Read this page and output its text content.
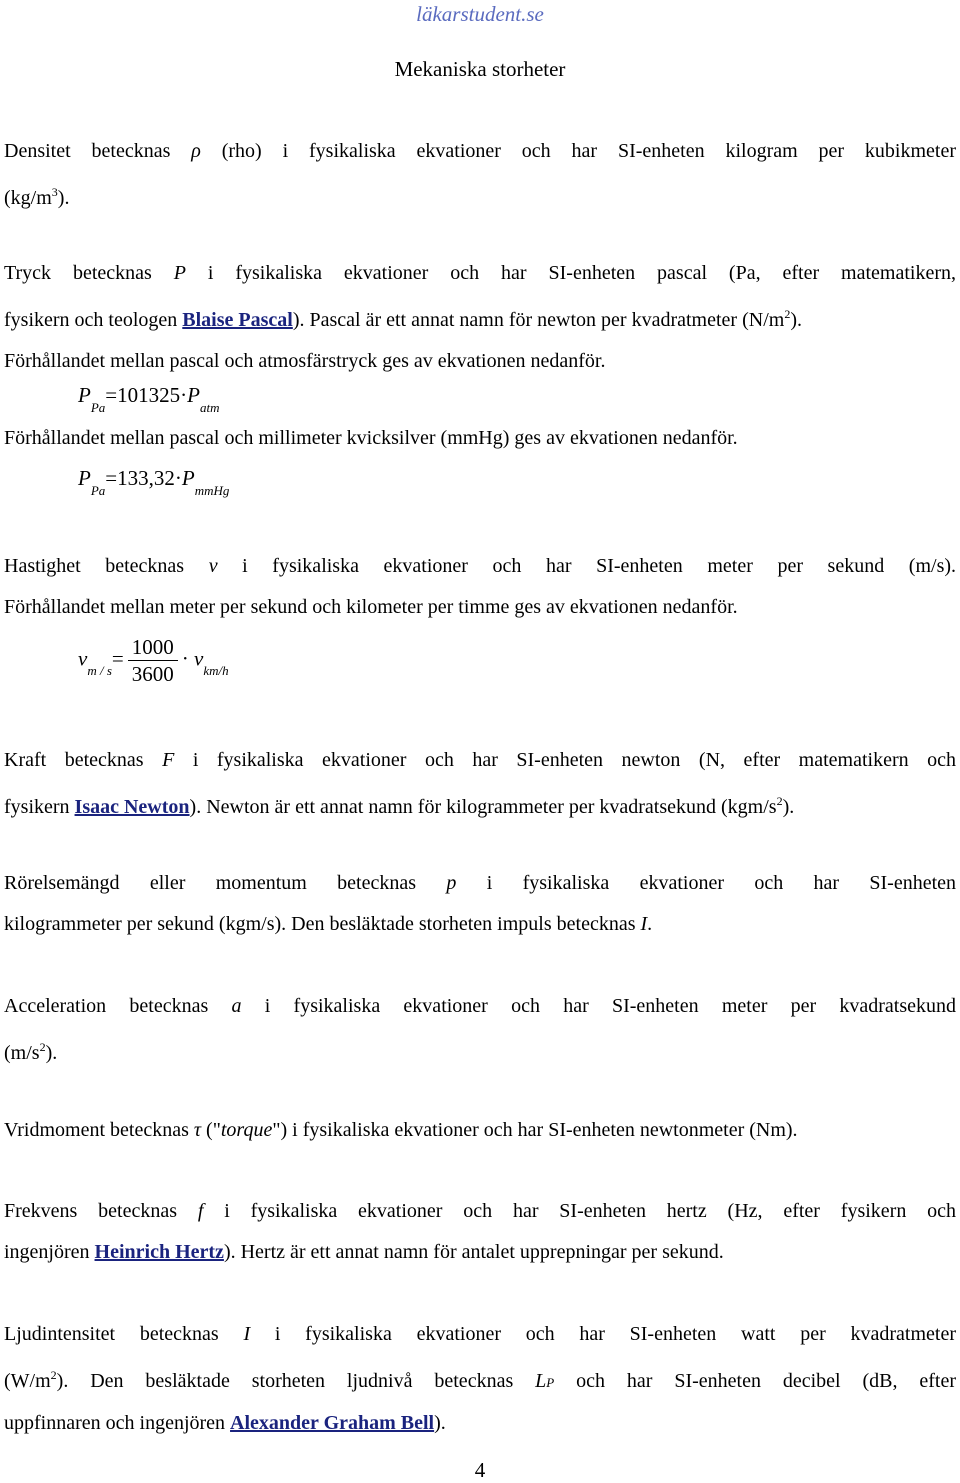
läkarstudent.se
Mekaniska storheter
Densitet betecknas ρ (rho) i fysikaliska ekvationer och har SI-enheten kilogram per kubikmeter
$(kg/m^3)$.
Tryck betecknas P i fysikaliska ekvationer och har SI-enheten pascal (Pa, efter matematikern,
fysikern och teologen Blaise Pascal). Pascal är ett annat namn för newton per kvadratmeter $(N/m^2)$.
Förhållandet mellan pascal och atmosfärstryck ges av ekvationen nedanför.
$P_{Pa}=101325\cdot P_{atm}$
Förhållandet mellan pascal och millimeter kvicksilver (mmHg) ges av ekvationen nedanför.
$P_{Pa}=133,32\cdot P_{mmHg}$
Hastighet betecknas v i fysikaliska ekvationer och har SI-enheten meter per sekund (m/s).
Förhållandet mellan meter per sekund och kilometer per timme ges av ekvationen nedanför.
$v_{m / s}= \frac{1000}{3600} \cdot v_{km/h}$
Kraft betecknas F i fysikaliska ekvationer och har SI-enheten newton (N, efter matematikern och
fysikern Isaac Newton). Newton är ett annat namn för kilogrammeter per kvadratsekund $(kgm/s^2)$.
Rörelsemängd eller momentum betecknas p i fysikaliska ekvationer och har SI-enheten
kilogrammeter per sekund (kgm/s). Den besläktade storheten impuls betecknas I.
Acceleration betecknas a i fysikaliska ekvationer och har SI-enheten meter per kvadratsekund
$(m/s^2)$.
Vridmoment betecknas τ ("torque") i fysikaliska ekvationer och har SI-enheten newtonmeter (Nm).
Frekvens betecknas f i fysikaliska ekvationer och har SI-enheten hertz (Hz, efter fysikern och
ingenjören Heinrich Hertz). Hertz är ett annat namn för antalet upprepningar per sekund.
Ljudintensitet betecknas I i fysikaliska ekvationer och har SI-enheten watt per kvadratmeter
$(W/m^2)$. Den besläktade storheten ljudnivå betecknas LP och har SI-enheten decibel (dB, efter
uppfinnaren och ingenjören Alexander Graham Bell).
4
